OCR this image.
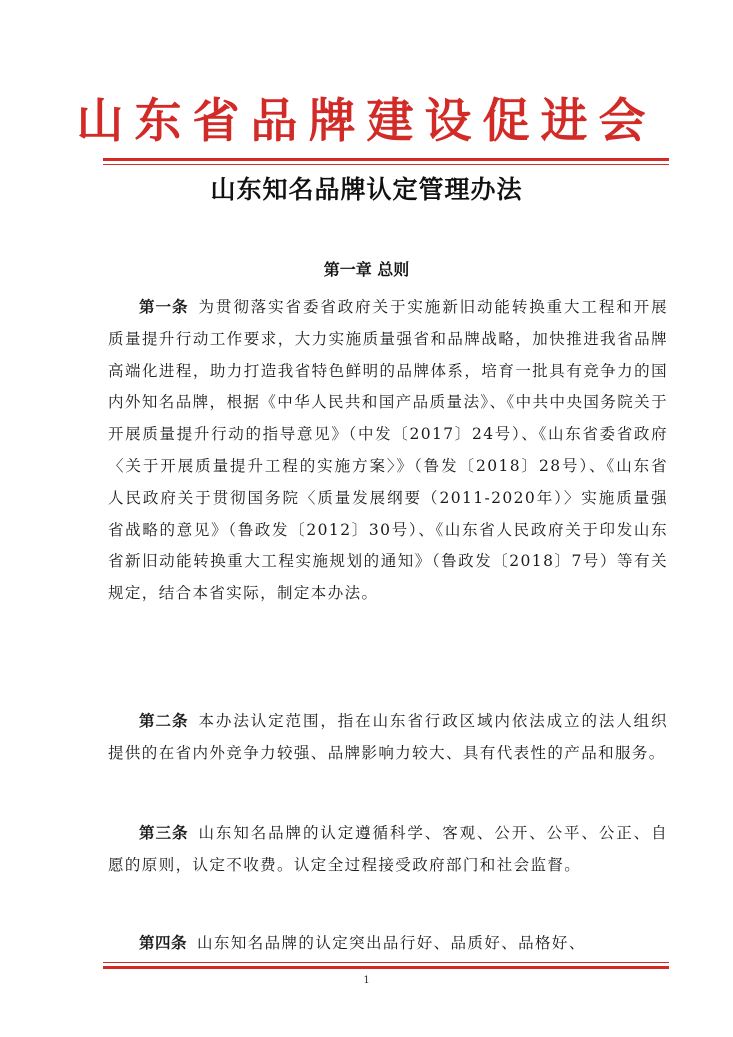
山东省品牌建设促进会
山东知名品牌认定管理办法
第一章 总则

第一条 为贯彻落实省委省政府关于实施新旧动能转换重大工程和开展质量提升行动工作要求，大力实施质量强省和品牌战略，加快推进我省品牌高端化进程，助力打造我省特色鲜明的品牌体系，培育一批具有竞争力的国内外知名品牌，根据《中华人民共和国产品质量法》、《中共中央国务院关于开展质量提升行动的指导意见》（中发〔2017〕24号）、《山东省委省政府〈关于开展质量提升工程的实施方案〉》（鲁发〔2018〕28号）、《山东省人民政府关于贯彻国务院〈质量发展纲要（2011-2020年）〉实施质量强省战略的意见》（鲁政发〔2012〕30号）、《山东省人民政府关于印发山东省新旧动能转换重大工程实施规划的通知》（鲁政发〔2018〕7号）等有关规定，结合本省实际，制定本办法。

第二条 本办法认定范围，指在山东省行政区域内依法成立的法人组织提供的在省内外竞争力较强、品牌影响力较大、具有代表性的产品和服务。

第三条 山东知名品牌的认定遵循科学、客观、公开、公平、公正、自愿的原则，认定不收费。认定全过程接受政府部门和社会监督。

第四条 山东知名品牌的认定突出品行好、品质好、品格好、

1
